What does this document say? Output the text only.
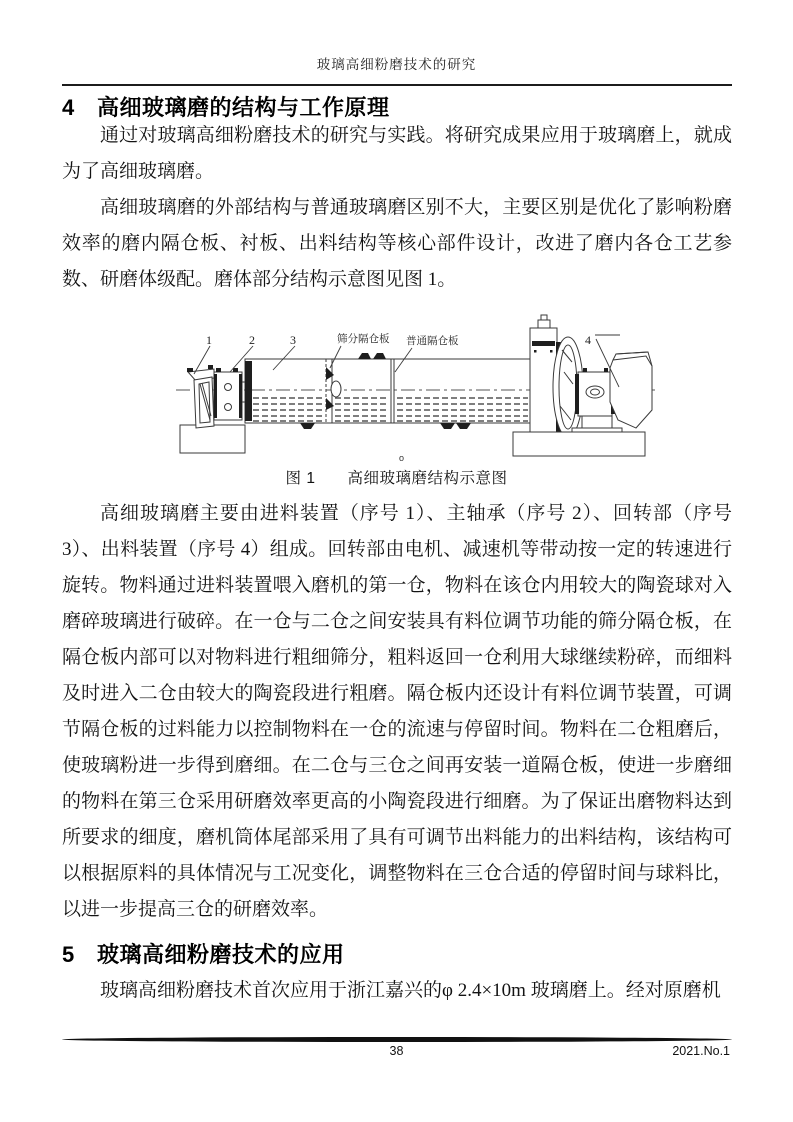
玻璃高细粉磨技术的研究
4 高细玻璃磨的结构与工作原理

通过对玻璃高细粉磨技术的研究与实践。将研究成果应用于玻璃磨上，就成为了高细玻璃磨。

高细玻璃磨的外部结构与普通玻璃磨区别不大，主要区别是优化了影响粉磨效率的磨内隔仓板、衬板、出料结构等核心部件设计，改进了磨内各仓工艺参数、研磨体级配。磨体部分结构示意图见图 1。

1	2	3	4
筛分隔仓板 普通隔仓板
o
图 1 高细玻璃磨结构示意图

高细玻璃磨主要由进料装置（序号 1）、主轴承（序号 2）、回转部（序号 3）、出料装置（序号 4）组成。回转部由电机、减速机等带动按一定的转速进行旋转。物料通过进料装置喂入磨机的第一仓，物料在该仓内用较大的陶瓷球对入磨碎玻璃进行破碎。在一仓与二仓之间安装具有料位调节功能的筛分隔仓板，在隔仓板内部可以对物料进行粗细筛分，粗料返回一仓利用大球继续粉碎，而细料及时进入二仓由较大的陶瓷段进行粗磨。隔仓板内还设计有料位调节装置，可调节隔仓板的过料能力以控制物料在一仓的流速与停留时间。物料在二仓粗磨后，使玻璃粉进一步得到磨细。在二仓与三仓之间再安装一道隔仓板，使进一步磨细的物料在第三仓采用研磨效率更高的小陶瓷段进行细磨。为了保证出磨物料达到所要求的细度，磨机筒体尾部采用了具有可调节出料能力的出料结构，该结构可以根据原料的具体情况与工况变化，调整物料在三仓合适的停留时间与球料比，以进一步提高三仓的研磨效率。

5 玻璃高细粉磨技术的应用

玻璃高细粉磨技术首次应用于浙江嘉兴的φ 2.4×10m 玻璃磨上。经对原磨机

38	2021.No.1
